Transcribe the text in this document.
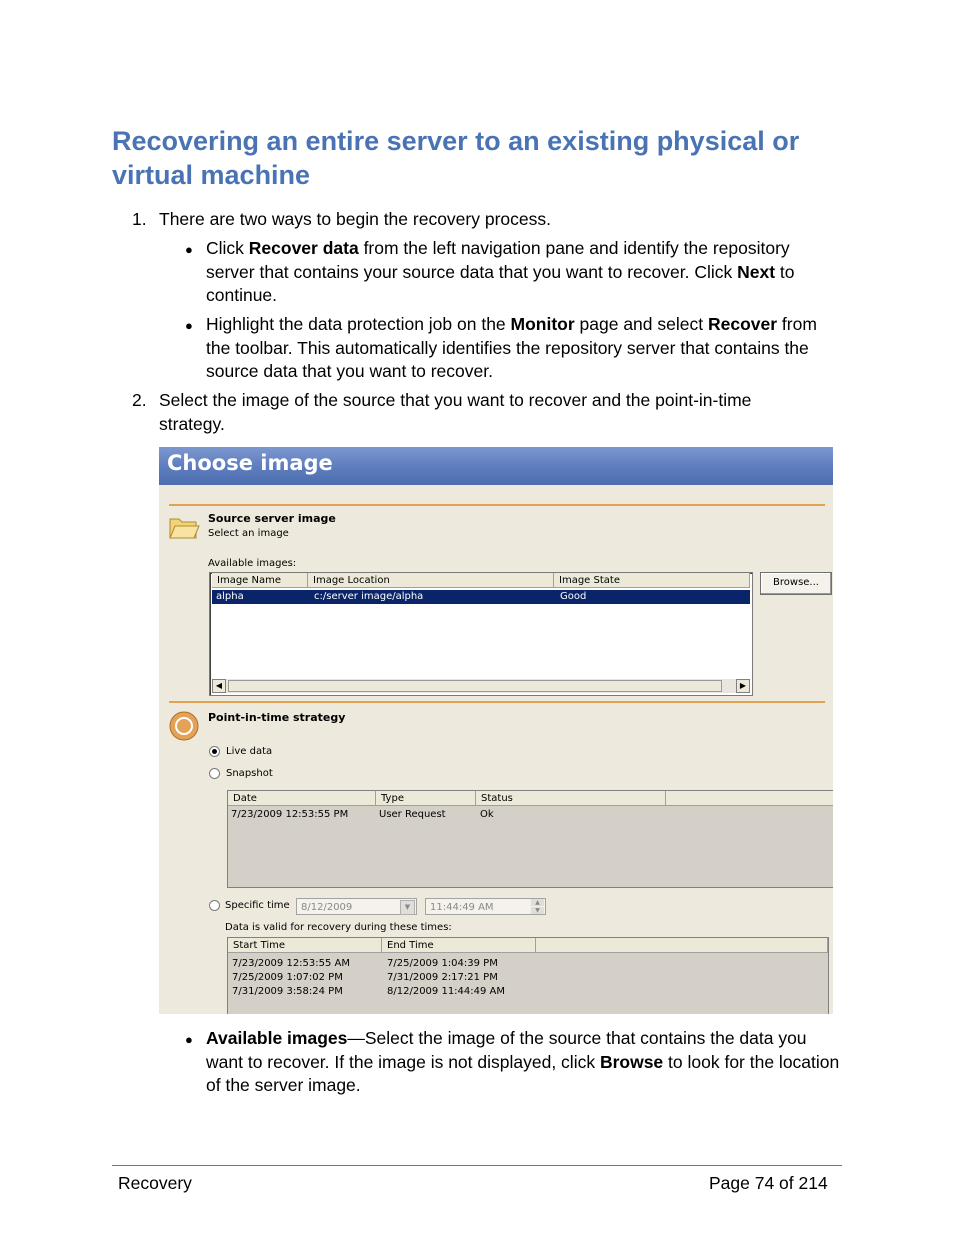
Recovering an entire server to an existing physical or virtual machine
1. There are two ways to begin the recovery process.

● Click Recover data from the left navigation pane and identify the repository server that contains your source data that you want to recover. Click Next to continue.

● Highlight the data protection job on the Monitor page and select Recover from the toolbar. This automatically identifies the repository server that contains the source data that you want to recover.

2. Select the image of the source that you want to recover and the point-in-time strategy.

Choose image
Source server image
Select an image
Available images:
Image Name	Image Location	Image State
alpha	c:/server image/alpha	Good
◀	▶
Browse...
Point-in-time strategy
Live data
Snapshot
Date	Type	Status
7/23/2009 12:53:55 PM	User Request	Ok
Specific time	8/12/2009	▼	11:44:49 AM	▲
▼
Data is valid for recovery during these times:
Start Time	End Time
7/23/2009 12:53:55 AM	7/25/2009 1:04:39 PM
7/25/2009 1:07:02 PM	7/31/2009 2:17:21 PM
7/31/2009 3:58:24 PM	8/12/2009 11:44:49 AM
● Available images—Select the image of the source that contains the data you want to recover. If the image is not displayed, click Browse to look for the location of the server image.

Recovery	Page 74 of 214
